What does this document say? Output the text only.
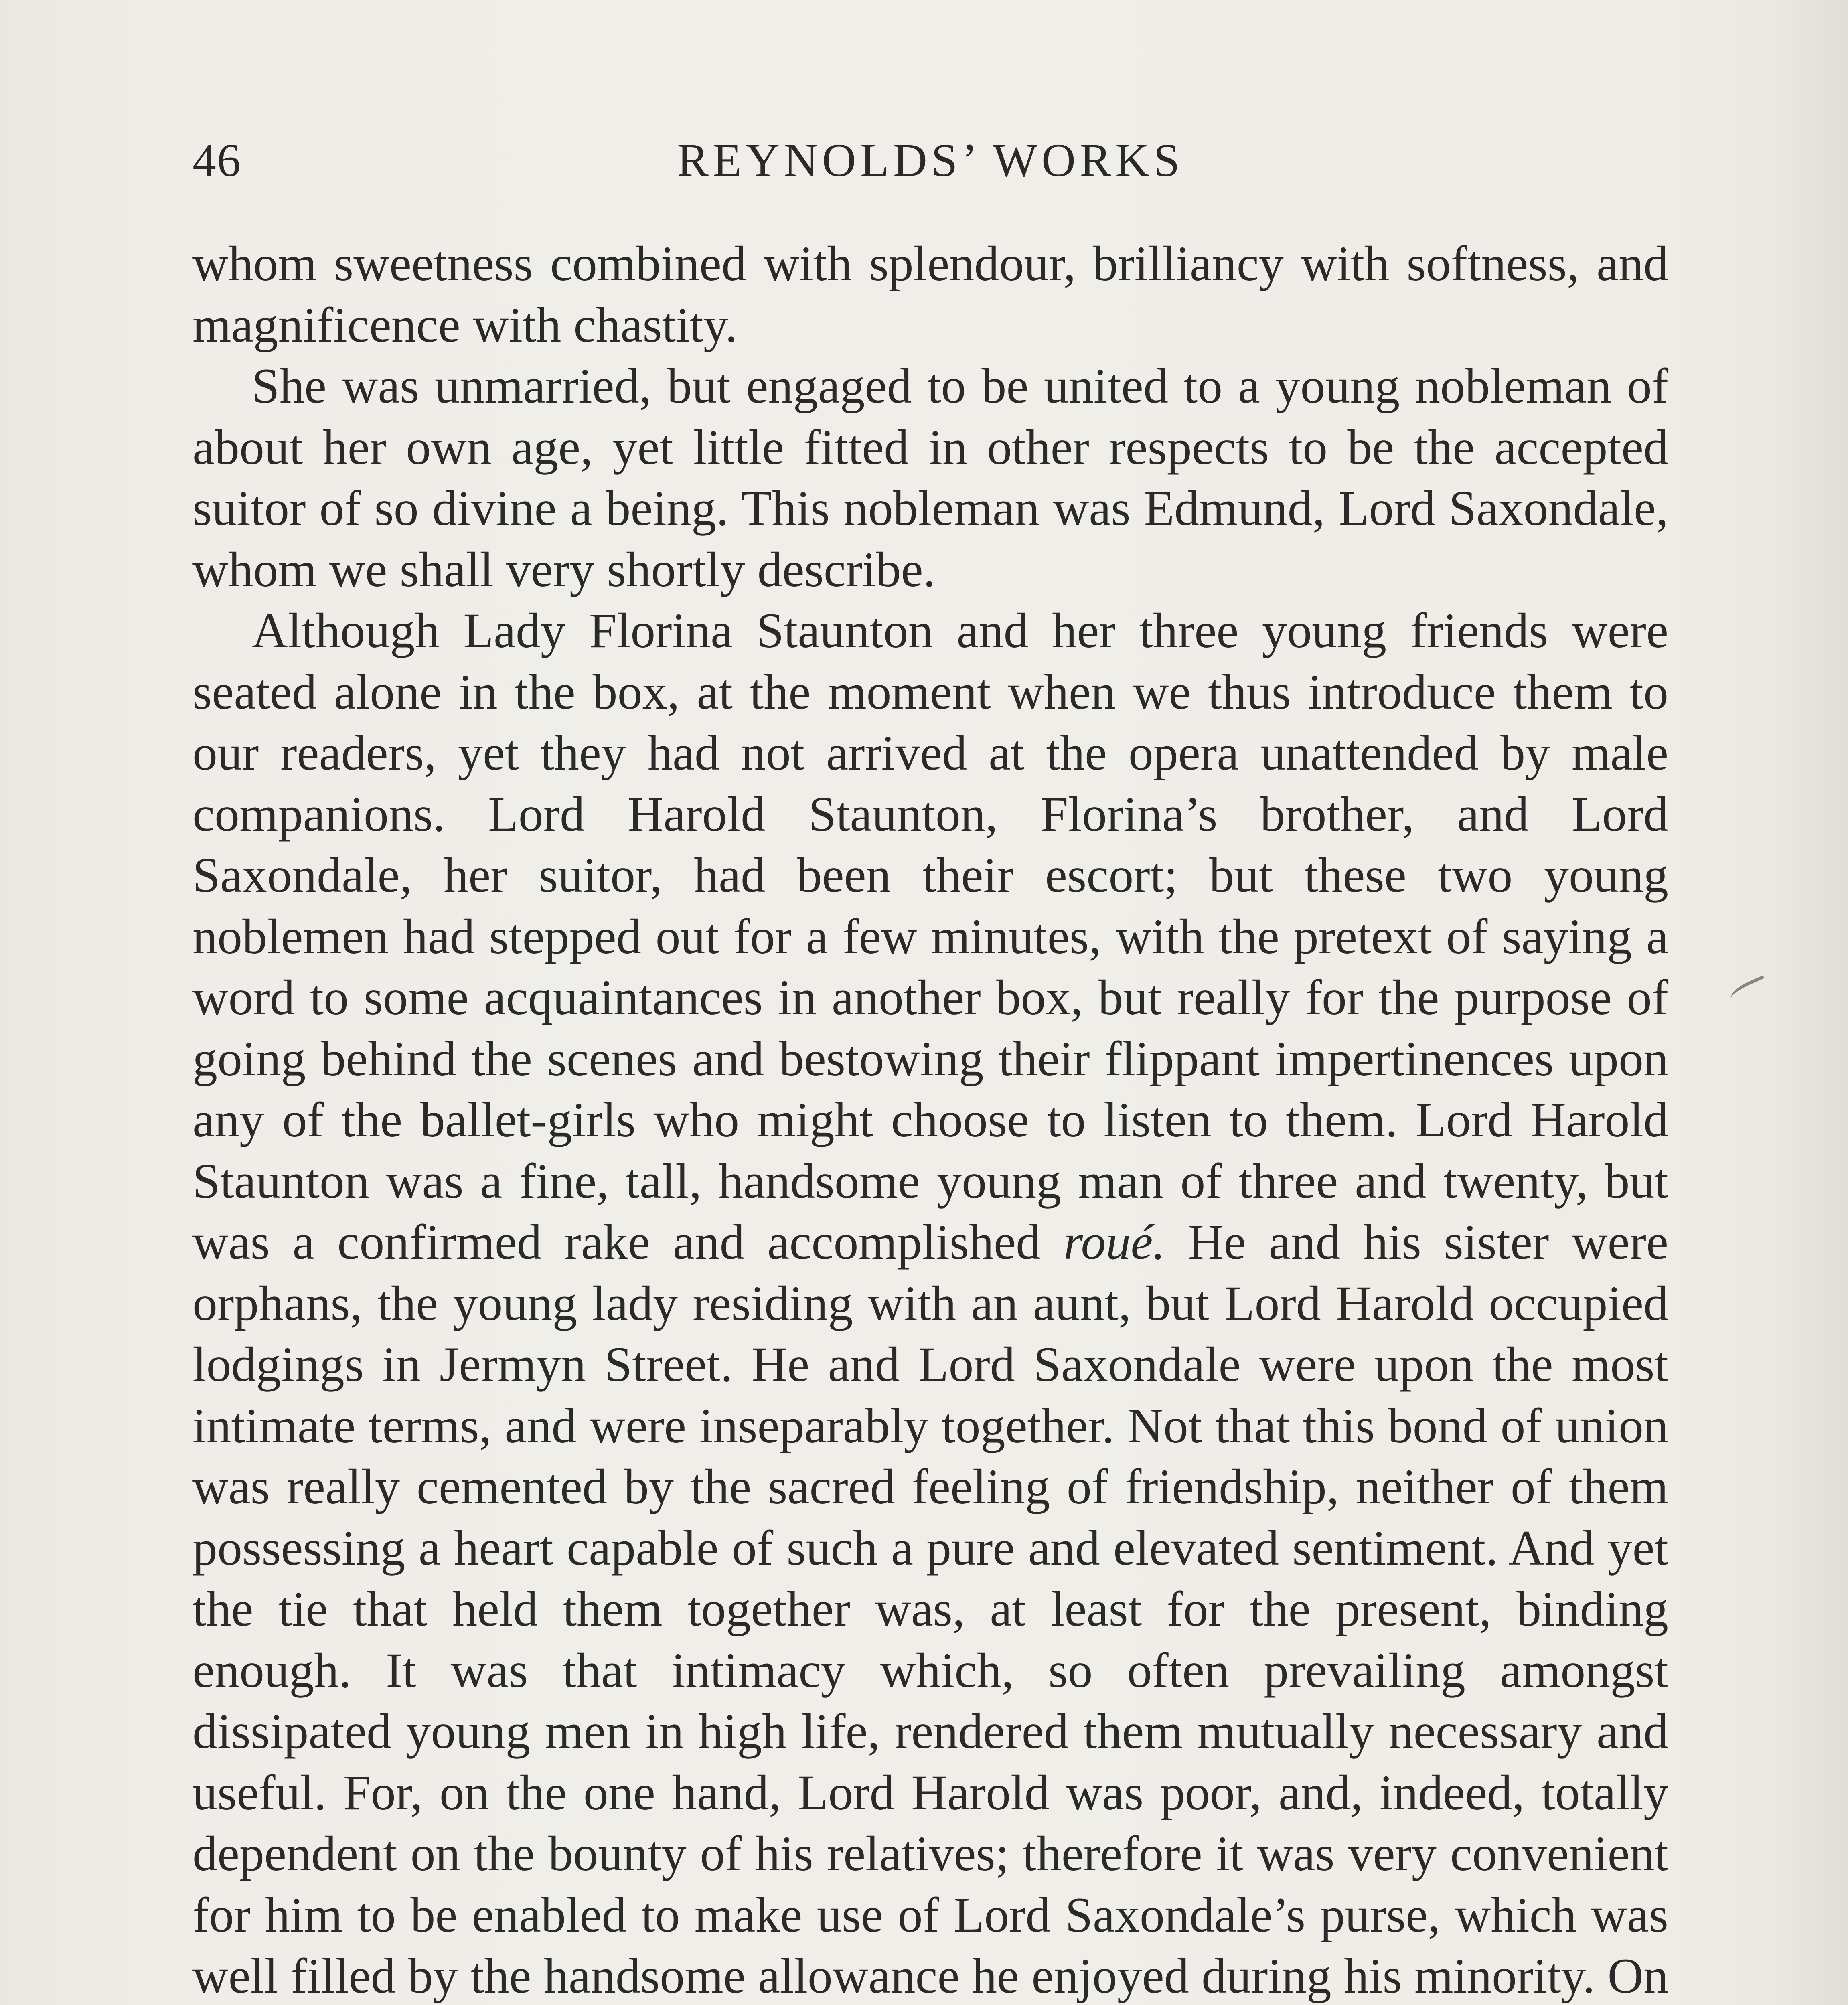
46	REYNOLDS’ WORKS

whom sweetness combined with splendour, brilliancy with softness, and magnificence with chastity.

She was unmarried, but engaged to be united to a young nobleman of about her own age, yet little fitted in other respects to be the accepted suitor of so divine a being. This nobleman was Edmund, Lord Saxondale, whom we shall very shortly describe.

Although Lady Florina Staunton and her three young friends were seated alone in the box, at the moment when we thus introduce them to our readers, yet they had not arrived at the opera unattended by male companions. Lord Harold Staunton, Florina’s brother, and Lord Saxondale, her suitor, had been their escort; but these two young noblemen had stepped out for a few minutes, with the pretext of saying a word to some acquaintances in another box, but really for the purpose of going behind the scenes and bestowing their flippant impertinences upon any of the ballet-girls who might choose to listen to them. Lord Harold Staunton was a fine, tall, handsome young man of three and twenty, but was a confirmed rake and accomplished roué. He and his sister were orphans, the young lady residing with an aunt, but Lord Harold occupied lodgings in Jermyn Street. He and Lord Saxondale were upon the most intimate terms, and were inseparably together. Not that this bond of union was really cemented by the sacred feeling of friendship, neither of them possessing a heart capable of such a pure and elevated sentiment. And yet the tie that held them together was, at least for the present, binding enough. It was that intimacy which, so often prevailing amongst dissipated young men in high life, rendered them mutually necessary and useful. For, on the one hand, Lord Harold was poor, and, indeed, totally dependent on the bounty of his relatives; therefore it was very convenient for him to be enabled to make use of Lord Saxondale’s purse, which was well filled by the handsome allowance he enjoyed during his minority. On
